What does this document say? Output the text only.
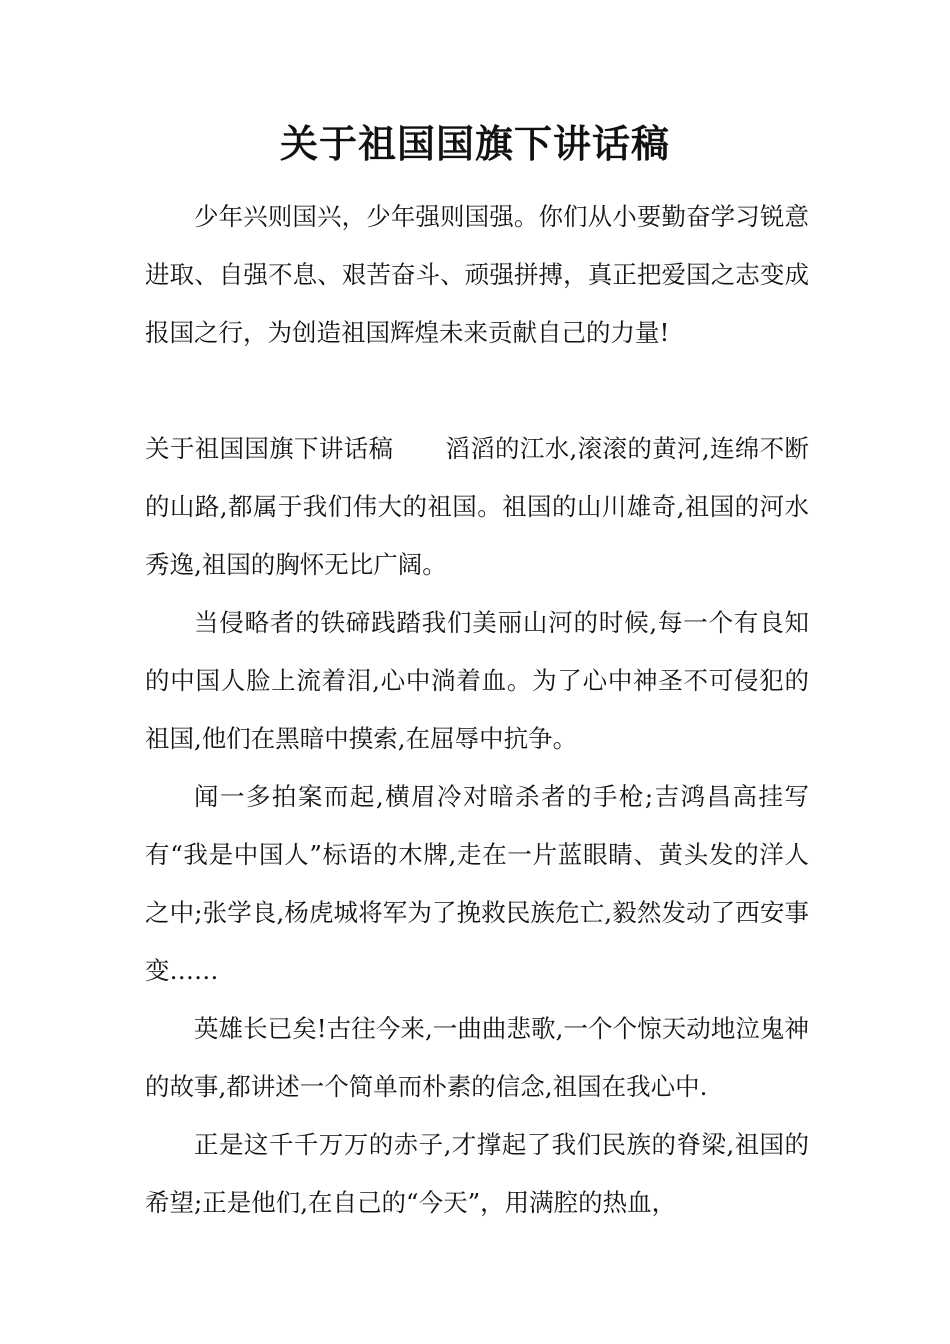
关于祖国国旗下讲话稿

少年兴则国兴，少年强则国强。你们从小要勤奋学习锐意进取、自强不息、艰苦奋斗、顽强拼搏，真正把爱国之志变成报国之行，为创造祖国辉煌未来贡献自己的力量!

关于祖国国旗下讲话稿 滔滔的江水,滚滚的黄河,连绵不断的山路,都属于我们伟大的祖国。祖国的山川雄奇,祖国的河水秀逸,祖国的胸怀无比广阔。

当侵略者的铁碲践踏我们美丽山河的时候,每一个有良知的中国人脸上流着泪,心中淌着血。为了心中神圣不可侵犯的祖国,他们在黑暗中摸索,在屈辱中抗争。

闻一多拍案而起,横眉冷对暗杀者的手枪;吉鸿昌高挂写有“我是中国人”标语的木牌,走在一片蓝眼睛、黄头发的洋人之中;张学良,杨虎城将军为了挽救民族危亡,毅然发动了西安事变……

英雄长已矣!古往今来,一曲曲悲歌,一个个惊天动地泣鬼神的故事,都讲述一个简单而朴素的信念,祖国在我心中.

正是这千千万万的赤子,才撑起了我们民族的脊梁,祖国的希望;正是他们,在自己的“今天”，用满腔的热血，
